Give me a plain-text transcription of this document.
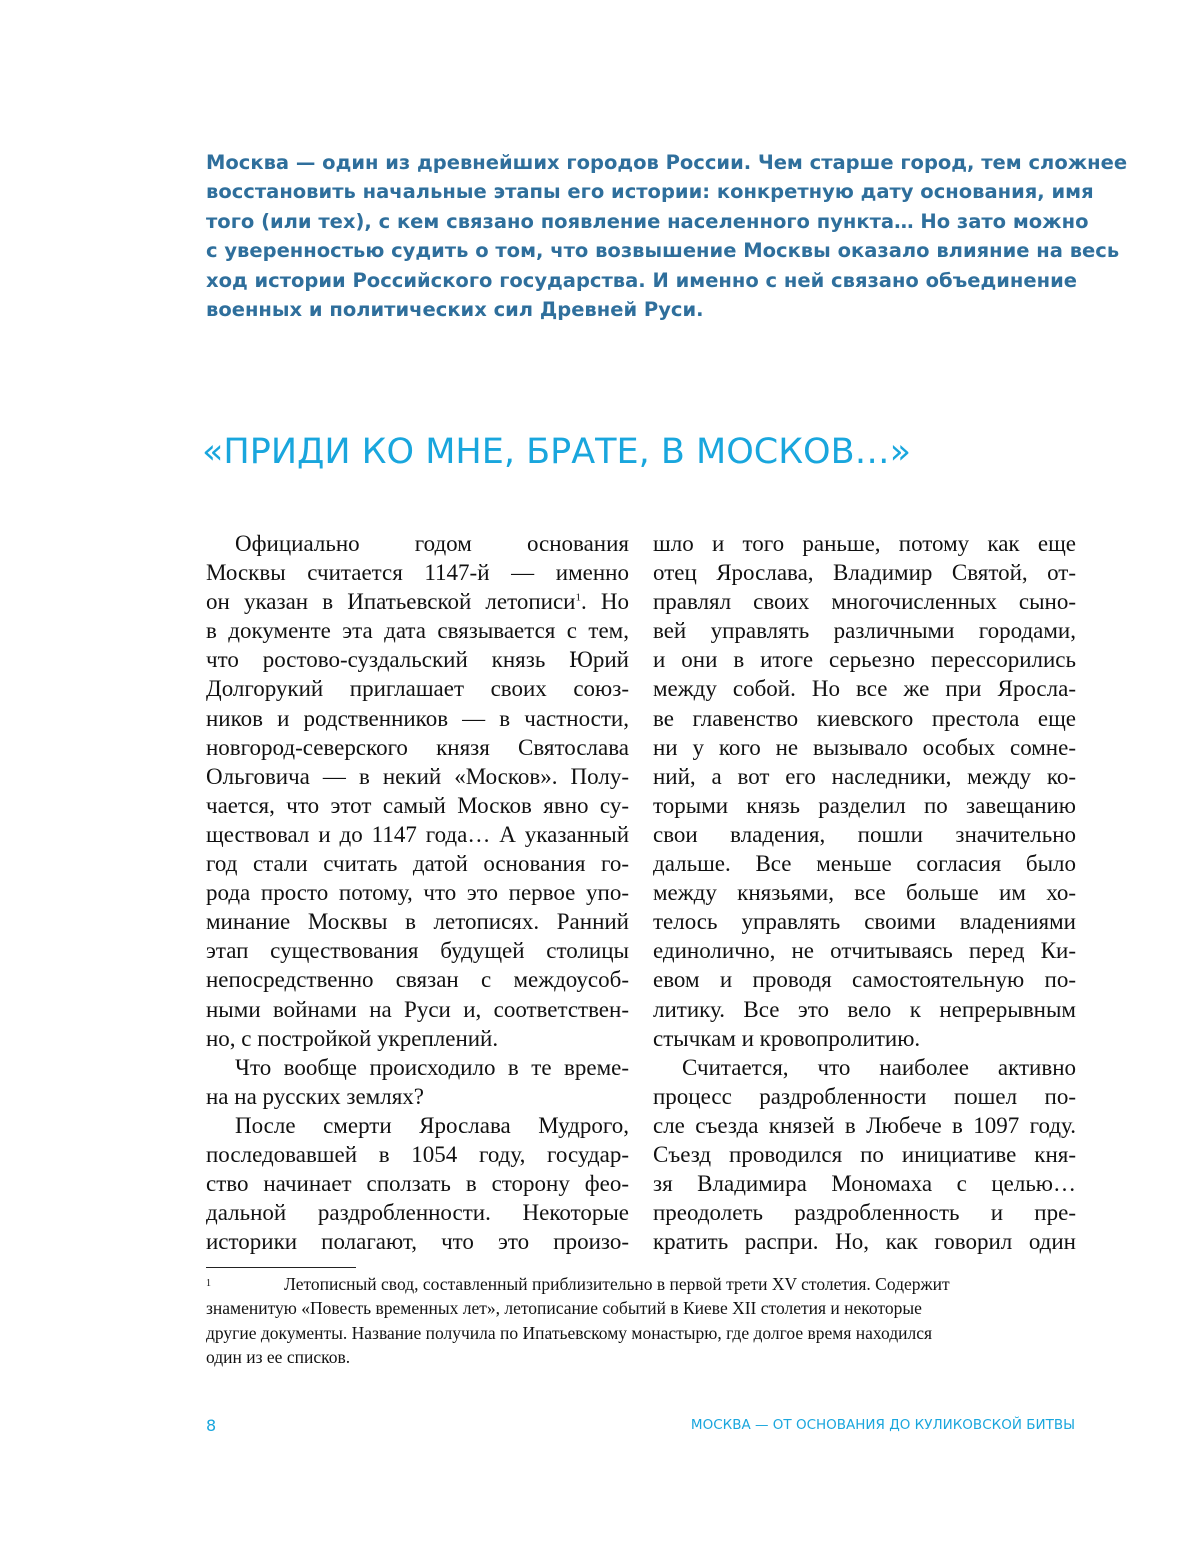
Москва — один из древнейших городов России. Чем старше город, тем сложнее
восстановить начальные этапы его истории: конкретную дату основания, имя
того (или тех), с кем связано появление населенного пункта… Но зато можно
с уверенностью судить о том, что возвышение Москвы оказало влияние на весь
ход истории Российского государства. И именно с ней связано объединение
военных и политических сил Древней Руси.

«ПРИДИ КО МНЕ, БРАТЕ, В МОСКОВ…»
Официально годом основания
Москвы считается 1147-й — именно
он указан в Ипатьевской летописи$^1$. Но
в документе эта дата связывается с тем,
что ростово-суздальский князь Юрий
Долгорукий приглашает своих союз-
ников и родственников — в частности,
новгород-северского князя Святослава
Ольговича — в некий «Москов». Полу-
чается, что этот самый Москов явно су-
ществовал и до 1147 года… А указанный
год стали считать датой основания го-
рода просто потому, что это первое упо-
минание Москвы в летописях. Ранний
этап существования будущей столицы
непосредственно связан с междоусоб-
ными войнами на Руси и, соответствен-
но, с постройкой укреплений.
Что вообще происходило в те време-
на на русских землях?
После смерти Ярослава Мудрого,
последовавшей в 1054 году, государ-
ство начинает сползать в сторону фео-
дальной раздробленности. Некоторые
историки полагают, что это произо-
шло и того раньше, потому как еще
отец Ярослава, Владимир Святой, от-
правлял своих многочисленных сыно-
вей управлять различными городами,
и они в итоге серьезно перессорились
между собой. Но все же при Яросла-
ве главенство киевского престола еще
ни у кого не вызывало особых сомне-
ний, а вот его наследники, между ко-
торыми князь разделил по завещанию
свои владения, пошли значительно
дальше. Все меньше согласия было
между князьями, все больше им хо-
телось управлять своими владениями
единолично, не отчитываясь перед Ки-
евом и проводя самостоятельную по-
литику. Все это вело к непрерывным
стычкам и кровопролитию.
Считается, что наиболее активно
процесс раздробленности пошел по-
сле съезда князей в Любече в 1097 году.
Съезд проводился по инициативе кня-
зя Владимира Мономаха с целью…
преодолеть раздробленность и пре-
кратить распри. Но, как говорил один
1	Летописный свод, составленный приблизительно в первой трети XV столетия. Содержит
знаменитую «Повесть временных лет», летописание событий в Киеве XII столетия и некоторые
другие документы. Название получила по Ипатьевскому монастырю, где долгое время находился
один из ее списков.
8	МОСКВА — ОТ ОСНОВАНИЯ ДО КУЛИКОВСКОЙ БИТВЫ
